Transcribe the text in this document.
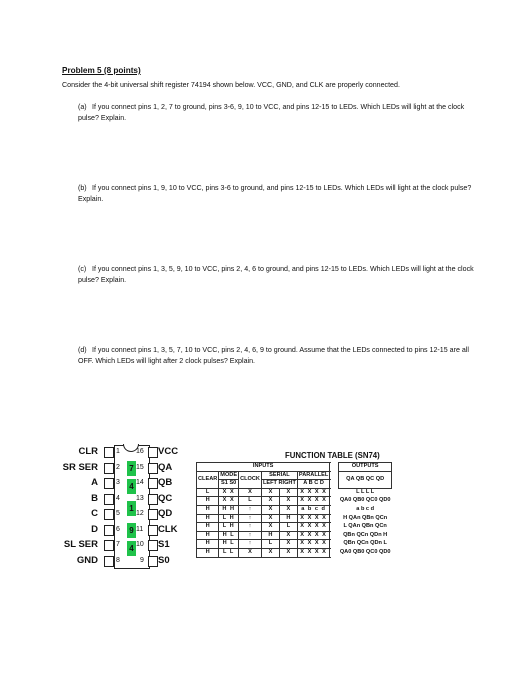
Problem 5 (8 points)
Consider the 4-bit universal shift register 74194 shown below. VCC, GND, and CLK are properly connected.
(a) If you connect pins 1, 2, 7 to ground, pins 3-6, 9, 10 to VCC, and pins 12-15 to LEDs. Which LEDs will light at the clock pulse? Explain.
(b) If you connect pins 1, 9, 10 to VCC, pins 3-6 to ground, and pins 12-15 to LEDs. Which LEDs will light at the clock pulse? Explain.
(c) If you connect pins 1, 3, 5, 9, 10 to VCC, pins 2, 4, 6 to ground, and pins 12-15 to LEDs. Which LEDs will light at the clock pulse? Explain.
(d) If you connect pins 1, 3, 5, 7, 10 to VCC, pins 2, 4, 6, 9 to ground. Assume that the LEDs connected to pins 12-15 are all OFF. Which LEDs will light after 2 clock pulses? Explain.
CLR	1
SR SER	2
A	3
B	4
C	5
D	6
SL SER	7
GND	8
16 VCC
15 QA
14 QB
13 QC
12 QD
11 CLK
10 S1
9 S0
7
4
1
9
4
FUNCTION TABLE (SN74)
INPUTS							OUTPUTS
CLEAR	MODE	CLOCK	SERIAL		PARALLEL		QA QB QC QD
	S1 S0		LEFT RIGHT		A B C D		
L	X X	X	X	X	X X X X		L L L L
H	X X	L	X	X	X X X X		QA0 QB0 QC0 QD0
H	H H	↑	X	X	a b c d		a b c d
H	L H	↑	X	H	X X X X		H QAn QBn QCn
H	L H	↑	X	L	X X X X		L QAn QBn QCn
H	H L	↑	H	X	X X X X		QBn QCn QDn H
H	H L	↑	L	X	X X X X		QBn QCn QDn L
H	L L	X	X	X	X X X X		QA0 QB0 QC0 QD0
